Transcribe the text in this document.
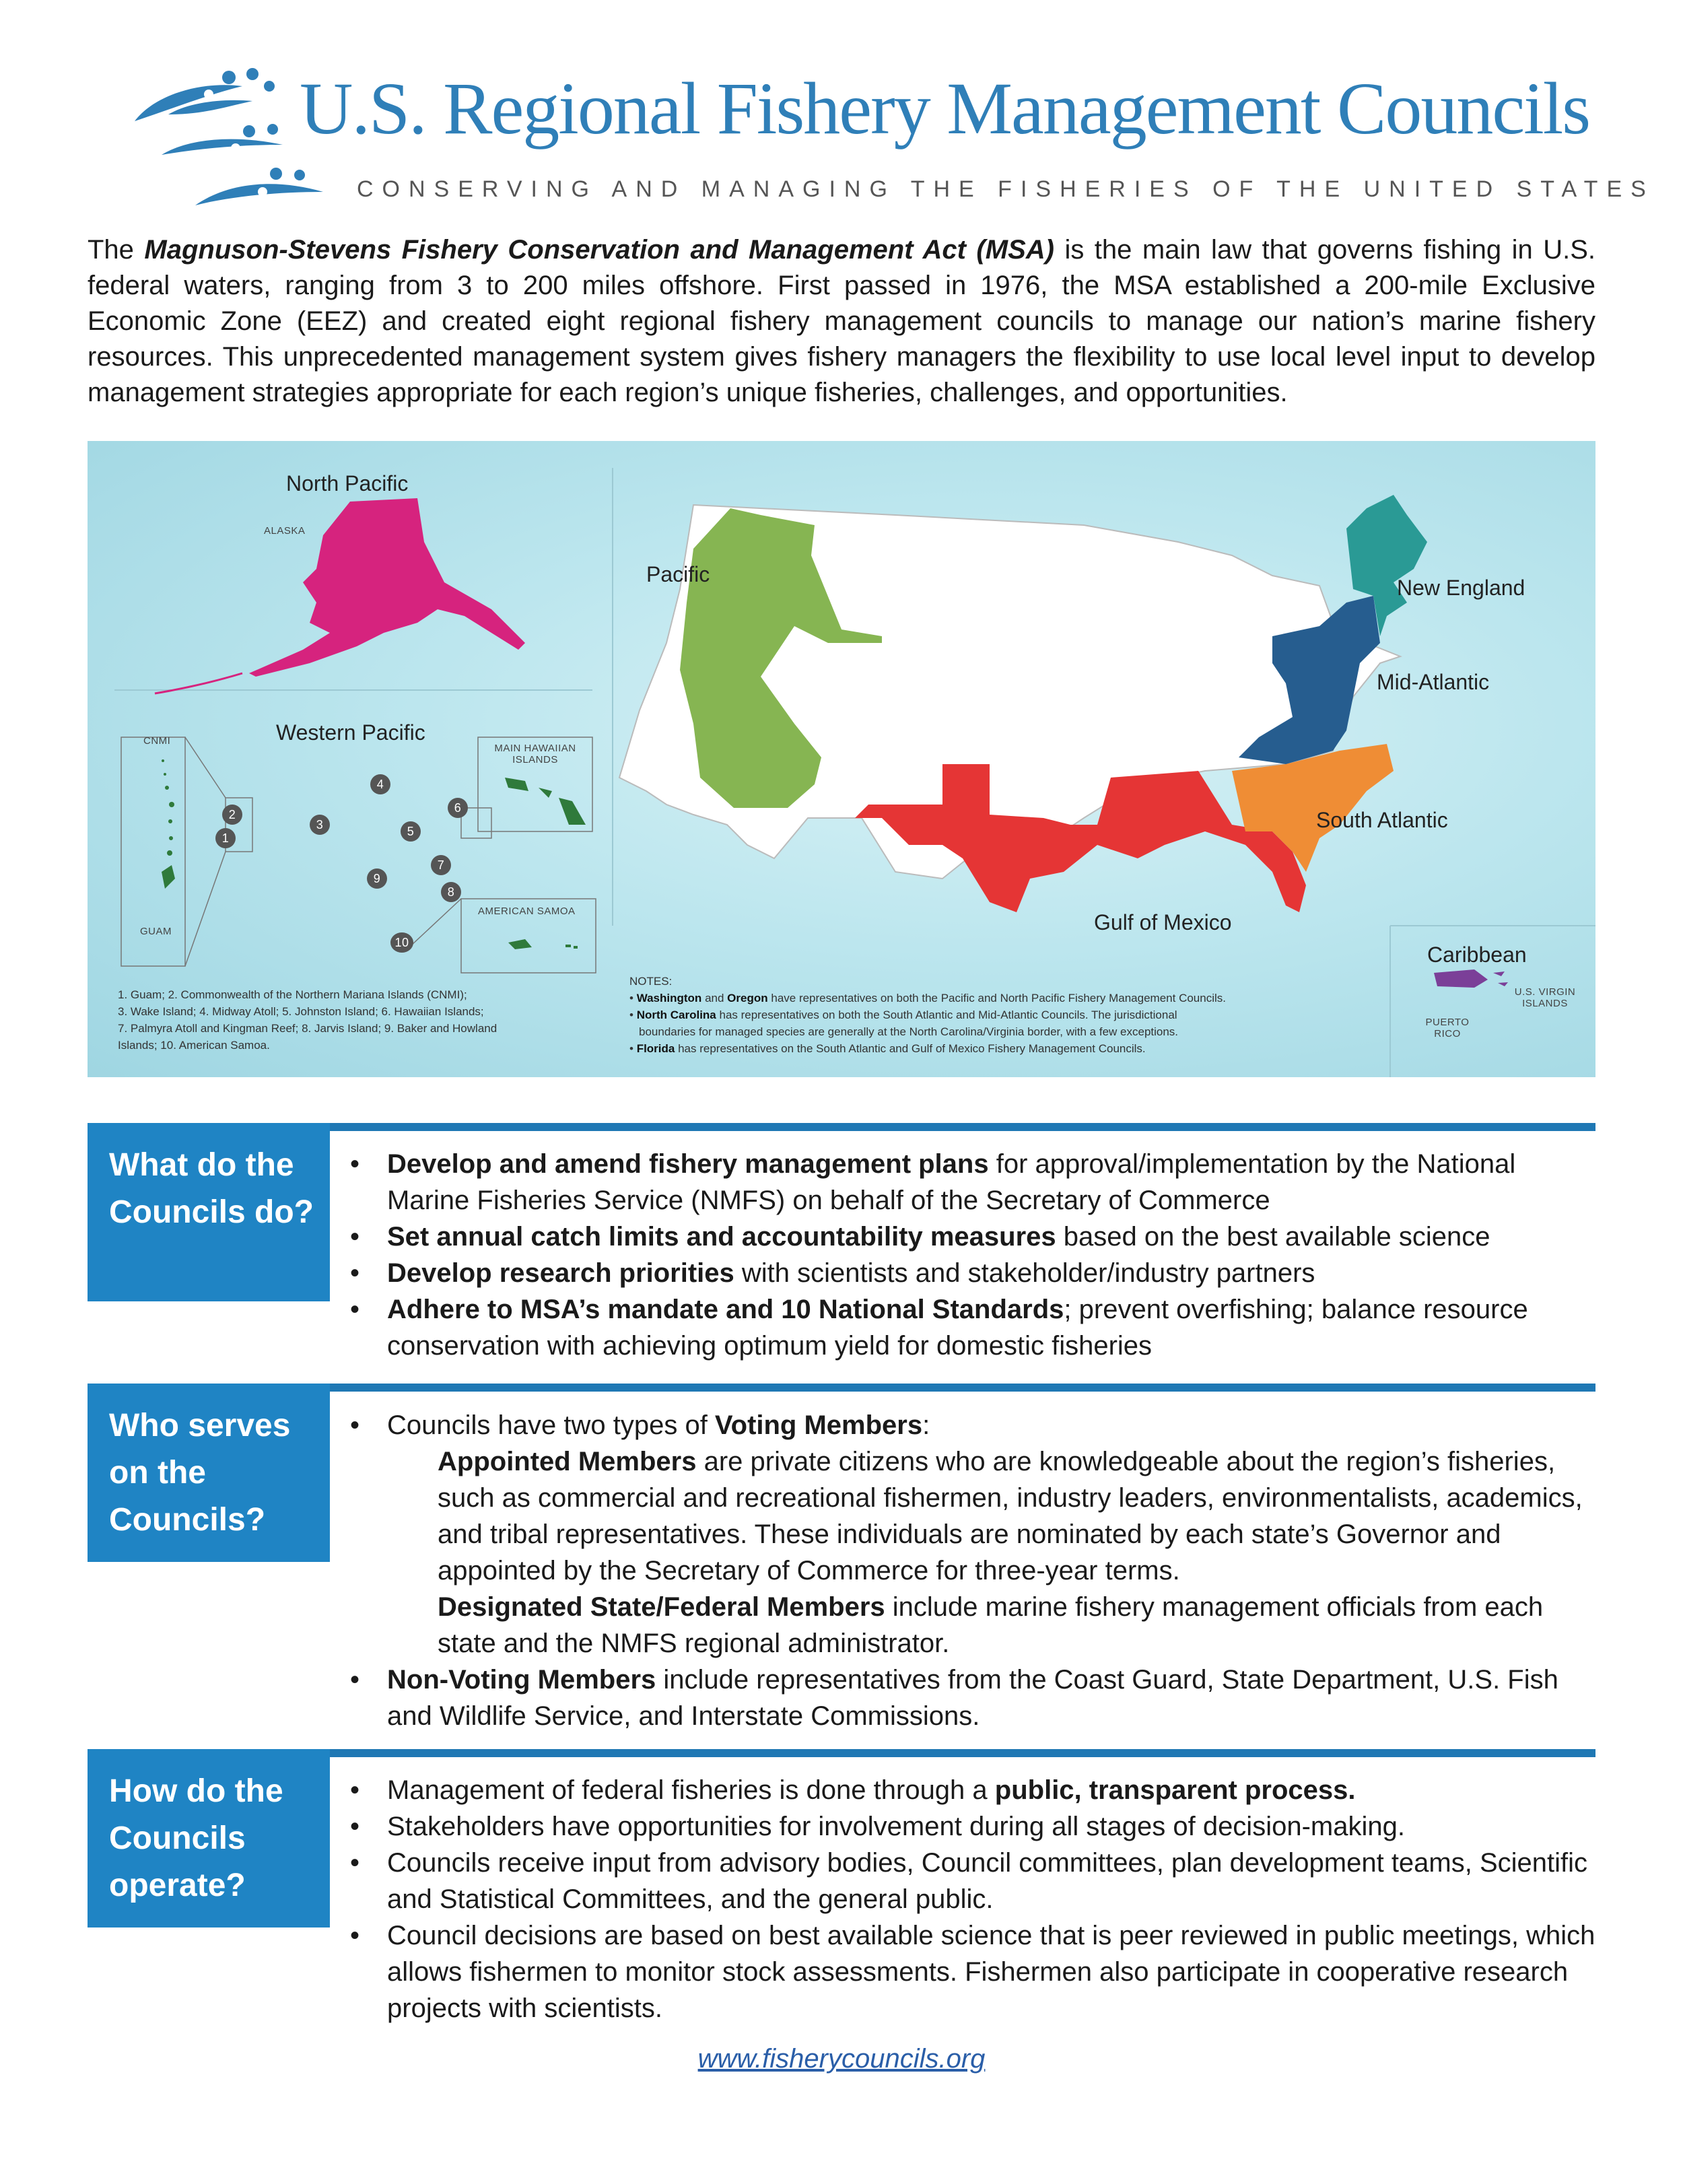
U.S. Regional Fishery Management Councils
CONSERVING AND MANAGING THE FISHERIES OF THE UNITED STATES

The Magnuson-Stevens Fishery Conservation and Management Act (MSA) is the main law that governs fishing in U.S. federal waters, ranging from 3 to 200 miles offshore. First passed in 1976, the MSA established a 200-mile Exclusive Economic Zone (EEZ) and created eight regional fishery management councils to manage our nation’s marine fishery resources. This unprecedented management system gives fishery managers the flexibility to use local level input to develop management strategies appropriate for each region’s unique fisheries, challenges, and opportunities.

2
1
3
4
5
6
7
8
9
10
North Pacific
Western Pacific
Pacific
New England
Mid-Atlantic
South Atlantic
Gulf of Mexico
Caribbean
ALASKA
CNMI
GUAM
MAIN HAWAIIAN
ISLANDS
AMERICAN SAMOA
PUERTO
RICO
U.S. VIRGIN
ISLANDS
1. Guam; 2. Commonwealth of the Northern Mariana Islands (CNMI);
3. Wake Island; 4. Midway Atoll; 5. Johnston Island; 6. Hawaiian Islands;
7. Palmyra Atoll and Kingman Reef; 8. Jarvis Island; 9. Baker and Howland
Islands; 10. American Samoa.
NOTES:
• Washington and Oregon have representatives on both the Pacific and North Pacific Fishery Management Councils.
• North Carolina has representatives on both the South Atlantic and Mid-Atlantic Councils. The jurisdictional
boundaries for managed species are generally at the North Carolina/Virginia border, with a few exceptions.
• Florida has representatives on the South Atlantic and Gulf of Mexico Fishery Management Councils.
What do the
Councils do?
• Develop and amend fishery management plans for approval/implementation by the National Marine Fisheries Service (NMFS) on behalf of the Secretary of Commerce
• Set annual catch limits and accountability measures based on the best available science
• Develop research priorities with scientists and stakeholder/industry partners
• Adhere to MSA’s mandate and 10 National Standards; prevent overfishing; balance resource conservation with achieving optimum yield for domestic fisheries
Who serves
on the
Councils?
• Councils have two types of Voting Members:
Appointed Members are private citizens who are knowledgeable about the region’s fisheries, such as commercial and recreational fishermen, industry leaders, environmentalists, academics, and tribal representatives. These individuals are nominated by each state’s Governor and appointed by the Secretary of Commerce for three-year terms.
Designated State/Federal Members include marine fishery management officials from each state and the NMFS regional administrator.
• Non-Voting Members include representatives from the Coast Guard, State Department, U.S. Fish and Wildlife Service, and Interstate Commissions.
How do the
Councils
operate?
• Management of federal fisheries is done through a public, transparent process.
• Stakeholders have opportunities for involvement during all stages of decision-making.
• Councils receive input from advisory bodies, Council committees, plan development teams, Scientific and Statistical Committees, and the general public.
• Council decisions are based on best available science that is peer reviewed in public meetings, which allows fishermen to monitor stock assessments. Fishermen also participate in cooperative research projects with scientists.
www.fisherycouncils.org
